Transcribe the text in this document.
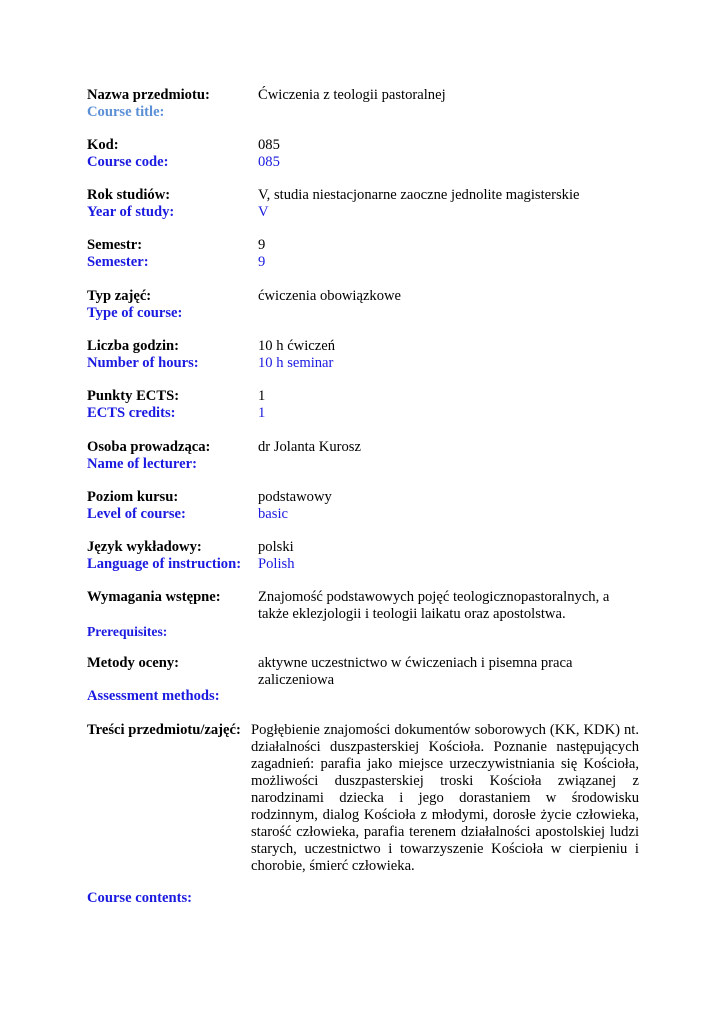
Nazwa przedmiotu:	Ćwiczenia z teologii pastoralnej
Course title:
Kod:	085
Course code:	085
Rok studiów:	V, studia niestacjonarne zaoczne jednolite magisterskie
Year of study:	V
Semestr:	9
Semester:	9
Typ zajęć:	ćwiczenia obowiązkowe
Type of course:
Liczba godzin:	10 h ćwiczeń
Number of hours:	10 h seminar
Punkty ECTS:	1
ECTS credits:	1
Osoba prowadząca:	dr Jolanta Kurosz
Name of lecturer:
Poziom kursu:	podstawowy
Level of course:	basic
Język wykładowy:	polski
Language of instruction: Polish
Wymagania wstępne:	Znajomość podstawowych pojęć teologicznopastoralnych, a także eklezjologii i teologii laikatu oraz apostolstwa.
Prerequisites:
Metody oceny:	aktywne uczestnictwo w ćwiczeniach i pisemna praca zaliczeniowa
Assessment methods:
Treści przedmiotu/zajęć: Pogłębienie znajomości dokumentów soborowych (KK, KDK) nt. działalności duszpasterskiej Kościoła. Poznanie następujących zagadnień: parafia jako miejsce urzeczywistniania się Kościoła, możliwości duszpasterskiej troski Kościoła związanej z narodzinami dziecka i jego dorastaniem w środowisku rodzinnym, dialog Kościoła z młodymi, dorosłe życie człowieka, starość człowieka, parafia terenem działalności apostolskiej ludzi starych, uczestnictwo i towarzyszenie Kościoła w cierpieniu i chorobie, śmierć człowieka.
Course contents:
